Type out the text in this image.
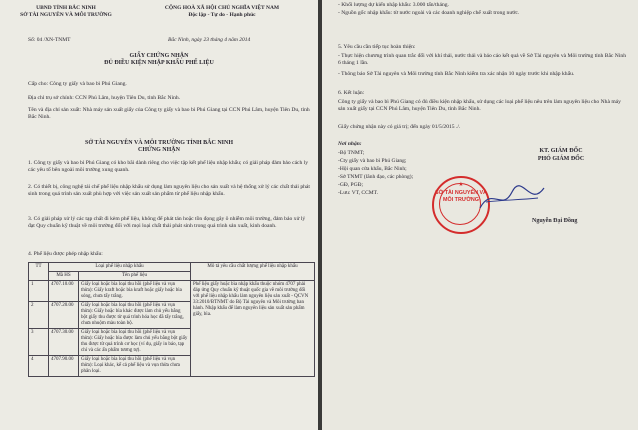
UBND TỈNH BẮC NINH
SỞ TÀI NGUYÊN VÀ MÔI TRƯỜNG
CỘNG HOÀ XÃ HỘI CHỦ NGHĨA VIỆT NAM
Độc lập - Tự do - Hạnh phúc
Số: 04 /XN-TNMT	Bắc Ninh, ngày 23 tháng 4 năm 2014
GIẤY CHỨNG NHẬN
ĐỦ ĐIỀU KIỆN NHẬP KHẨU PHẾ LIỆU
Cấp cho: Công ty giấy và bao bì Phú Giang.
Địa chỉ trụ sở chính: CCN Phú Lâm, huyện Tiên Du, tỉnh Bắc Ninh.
Tên và địa chỉ sản xuất: Nhà máy sản xuất giấy của Công ty giấy và bao bì Phú Giang tại CCN Phú Lâm, huyện Tiên Du, tỉnh Bắc Ninh.
SỞ TÀI NGUYÊN VÀ MÔI TRƯỜNG TỈNH BẮC NINH
CHỨNG NHẬN
1. Công ty giấy và bao bì Phú Giang có kho bãi dành riêng cho việc tập kết phế liệu nhập khẩu; có giải pháp đảm bảo cách ly các yêu tố bên ngoài môi trường xung quanh.
2. Có thiết bị, công nghệ tái chế phế liệu nhập khẩu sử dụng làm nguyên liệu cho sản xuất và hệ thống xử lý các chất thải phát sinh trong quá trình sản xuất phù hợp với việc sản xuất sản phẩm từ phế liệu nhập khẩu.
3. Có giải pháp xử lý các tạp chất đi kèm phế liệu, không để phát tán hoặc tồn đọng gây ô nhiễm môi trường, đảm bảo xử lý đạt Quy chuẩn kỹ thuật về môi trường đối với mọi loại chất thải phát sinh trong quá trình sản xuất, kinh doanh.
4. Phế liệu được phép nhập khẩu:
TT	Loại phế liệu nhập khẩu		Mô tả yêu cầu chất lượng phế liệu nhập khẩu
	Mã HS	Tên phế liệu	
1	4707.10.00	Giấy loại hoặc bìa loại thu hồi (phế liệu và vụn thừa): Giấy kraft hoặc bìa kraft hoặc giấy hoặc bìa sóng, chưa tẩy trắng.	Phế liệu giấy hoặc bìa nhập khẩu thuộc nhóm 4707 phải đáp ứng Quy chuẩn kỹ thuật quốc gia về môi trường đối với phế liệu nhập khẩu làm nguyên liệu sản xuất - QCVN 33:2010/BTNMT do Bộ Tài nguyên và Môi trường ban hành. Nhập khẩu để làm nguyên liệu sản xuất sản phẩm giấy, bìa.
2	4707.20.00	Giấy loại hoặc bìa loại thu hồi (phế liệu và vụn thừa): Giấy hoặc bìa khác được làm chủ yếu bằng bột giấy thu được từ quá trình hóa học đã tẩy trắng, chưa nhuộm màu toàn bộ.	
3	4707.30.00	Giấy loại hoặc bìa loại thu hồi (phế liệu và vụn thừa): Giấy hoặc bìa được làm chủ yếu bằng bột giấy thu được từ quá trình cơ học (ví dụ, giấy in báo, tạp chí và các ấn phẩm tương tự).	
4	4707.90.00	Giấy loại hoặc bìa loại thu hồi (phế liệu và vụn thừa): Loại khác, kể cả phế liệu và vụn thừa chưa phân loại.	
- Khối lượng dự kiến nhập khẩu: 3.000 tấn/tháng.
- Nguồn gốc nhập khẩu: từ nước ngoài và các doanh nghiệp chế xuất trong nước.
5. Yêu cầu cần tiếp tục hoàn thiện:
- Thực hiện chương trình quan trắc đối với khí thải, nước thải và báo cáo kết quả về Sở Tài nguyên và Môi trường tỉnh Bắc Ninh 6 tháng 1 lần.
- Thông báo Sở Tài nguyên và Môi trường tỉnh Bắc Ninh kiểm tra xác nhận 10 ngày trước khi nhập khẩu.
6. Kết luận:
Công ty giấy và bao bì Phú Giang có đủ điều kiện nhập khẩu, sử dụng các loại phế liệu nêu trên làm nguyên liệu cho Nhà máy sản xuất giấy tại CCN Phú Lâm, huyện Tiên Du, tỉnh Bắc Ninh.
Giấy chứng nhận này có giá trị; đến ngày 01/5/2015 ./.
Nơi nhận:
-Bộ TNMT;
-Cty giấy và bao bì Phú Giang;
-Hội quan cửa khẩu, Bắc Ninh;
-Sở TNMT (lãnh đạo, các phòng);
-GĐ, PGĐ;
-Lưu: VT, CCMT.
KT. GIÁM ĐỐC
PHÓ GIÁM ĐỐC
★
SỞ TÀI NGUYÊN VÀ MÔI TRƯỜNG
Nguyễn Đại Đồng
